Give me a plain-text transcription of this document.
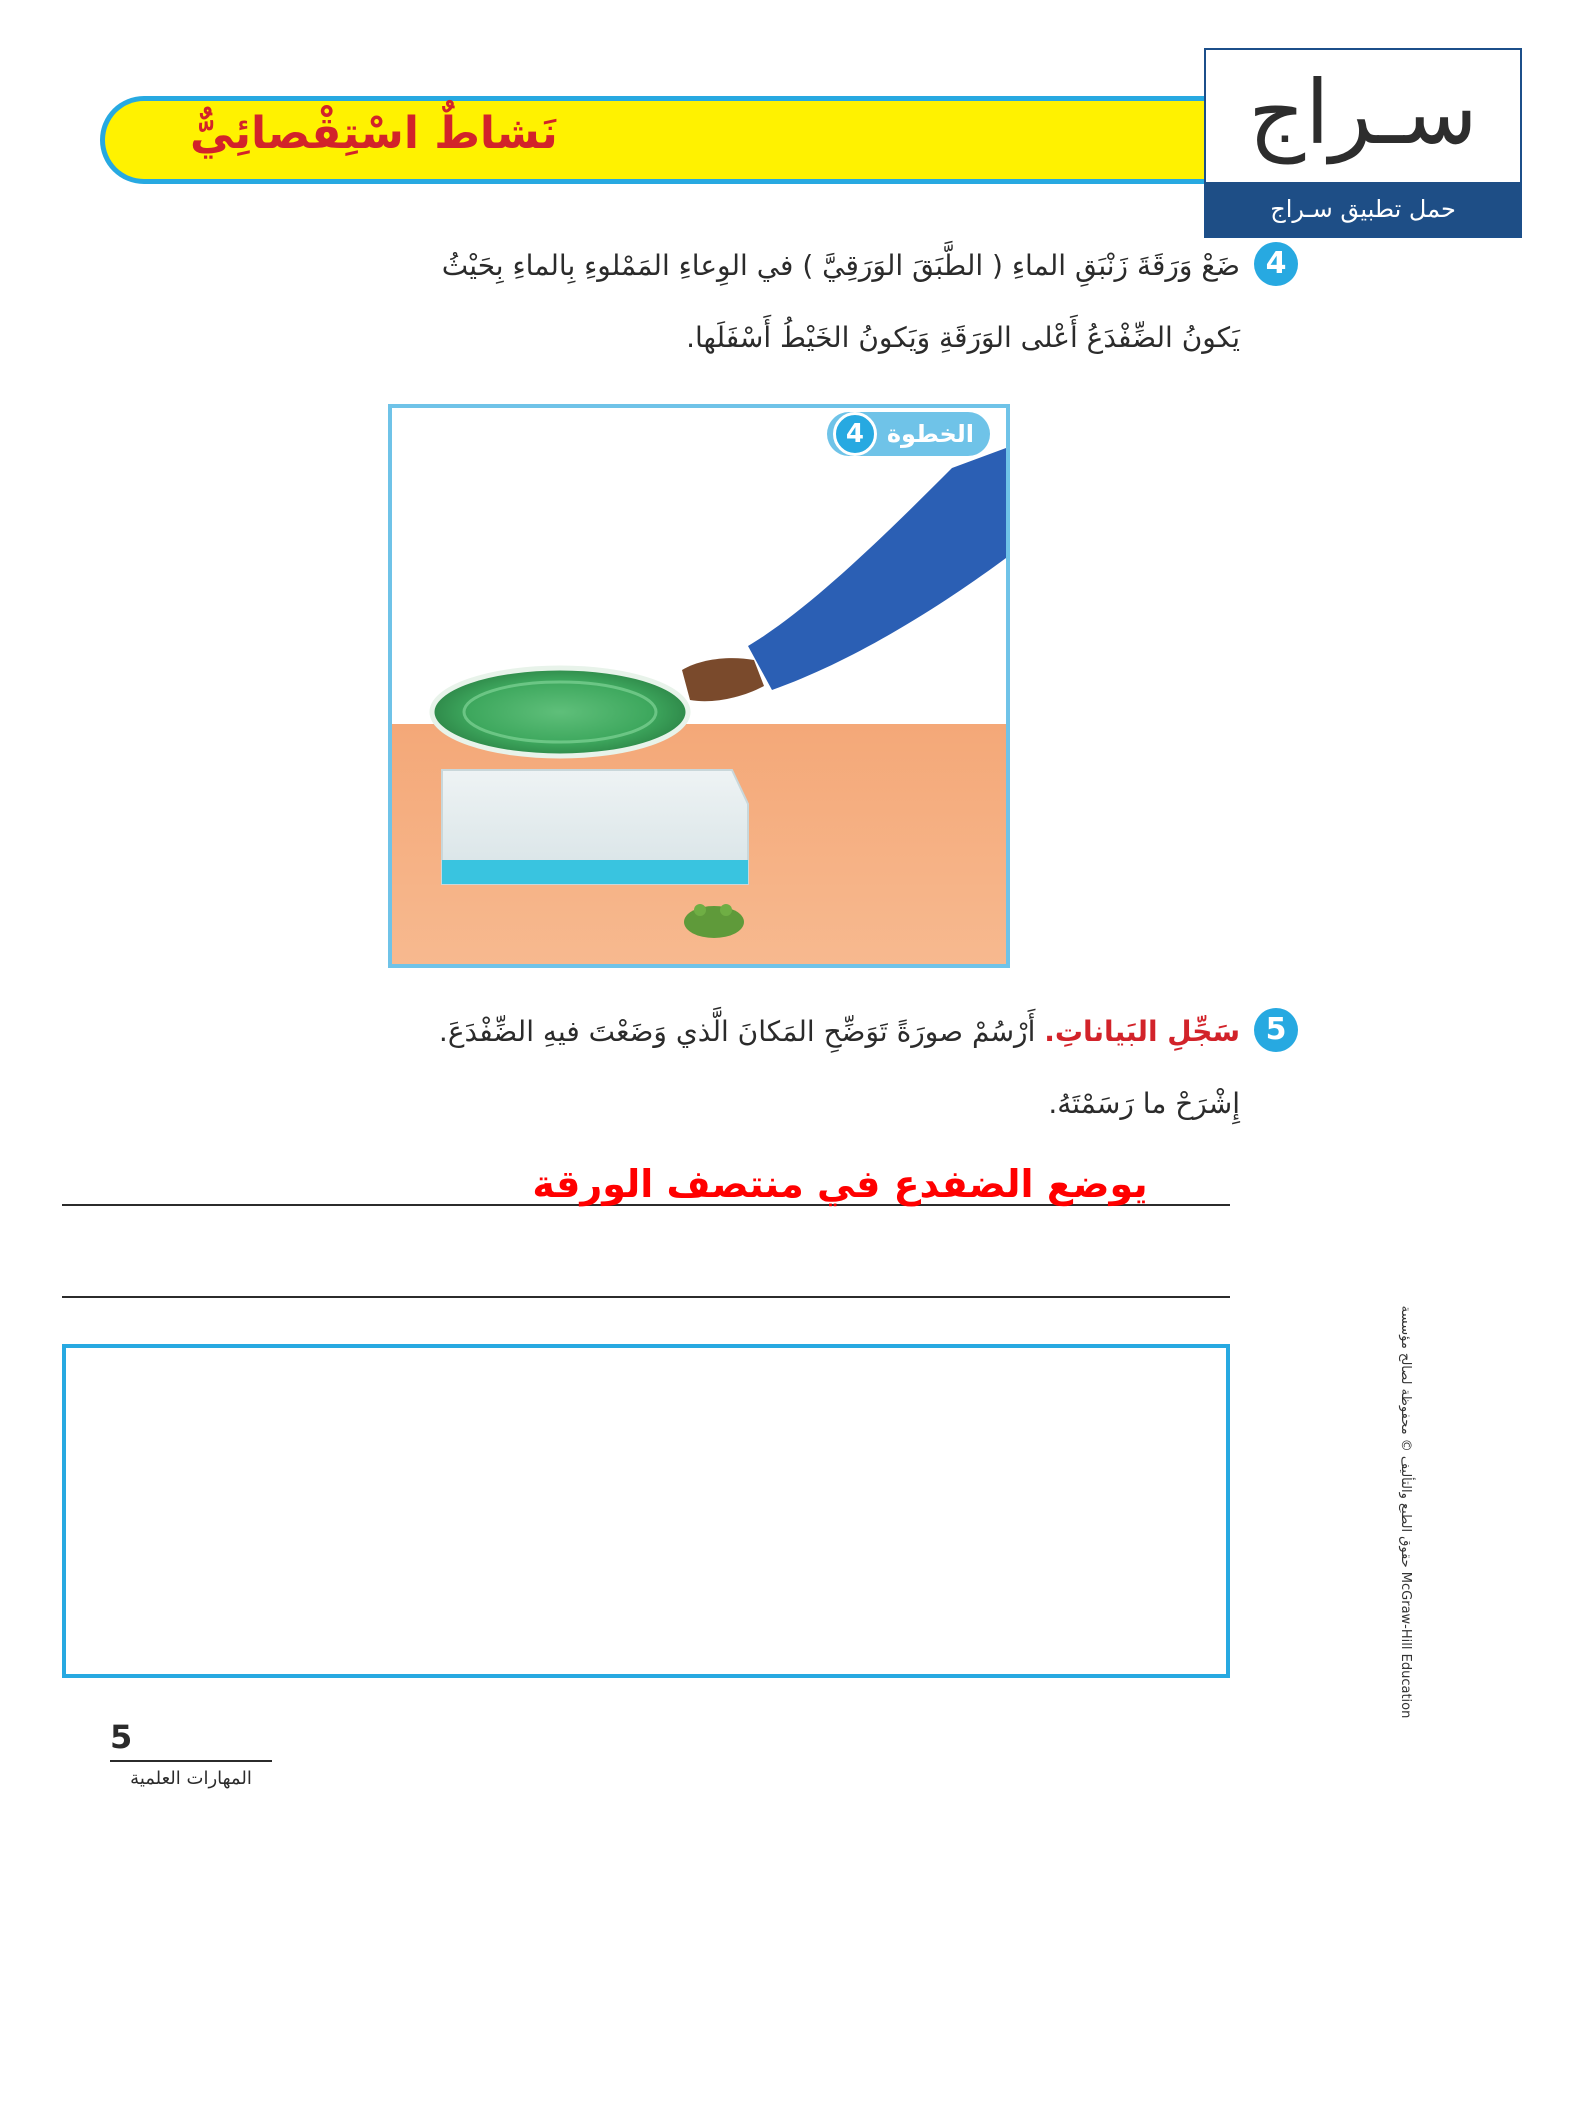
نَشاطٌ اسْتِقْصائِيٌّ	سـراج
حمل تطبيق سـراج
4
ضَعْ وَرَقَةَ زَنْبَقِ الماءِ ( الطَّبَقَ الوَرَقِيَّ ) في الوِعاءِ المَمْلوءِ بِالماءِ بِحَيْثُ
يَكونُ الضِّفْدَعُ أَعْلى الوَرَقَةِ وَيَكونُ الخَيْطُ أَسْفَلَها.
الخطوة
4
5
سَجِّلِ البَياناتِ. أَرْسُمْ صورَةً تَوَضِّحِ المَكانَ الَّذي وَضَعْتَ فيهِ الضِّفْدَعَ.
إِشْرَحْ ما رَسَمْتَهُ.
يوضع الضفدع في منتصف الورقة
5
المهارات العلمية
حقوق الطبع والتأليف © محفوظة لصالح مؤسسة McGraw-Hill Education
